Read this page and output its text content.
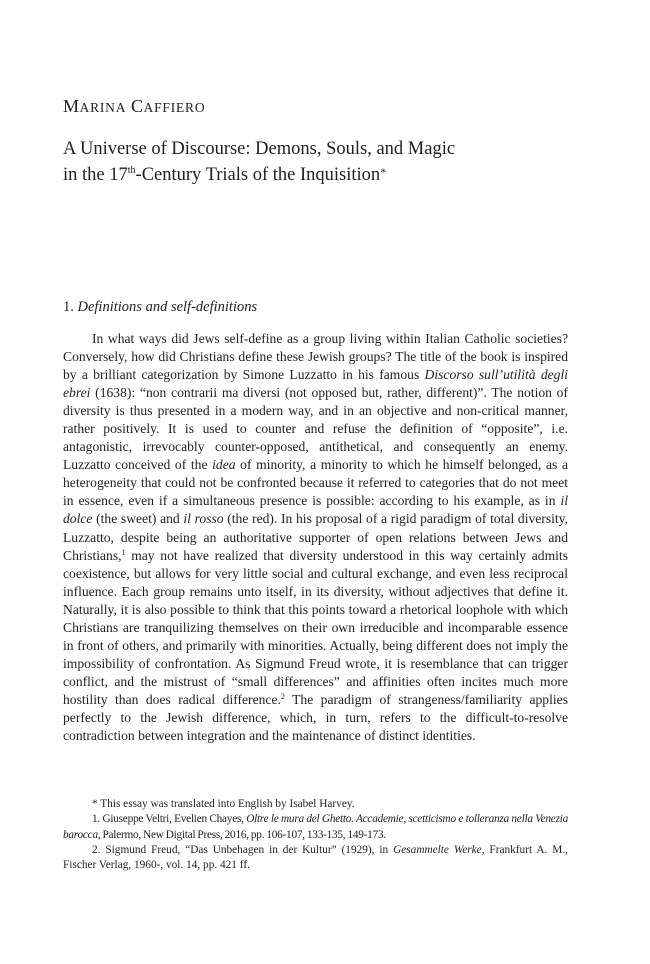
MARINA CAFFIERO
A Universe of Discourse: Demons, Souls, and Magic
in the 17th-Century Trials of the Inquisition*
1. Definitions and self-definitions

In what ways did Jews self-define as a group living within Italian Catholic societies? Conversely, how did Christians define these Jewish groups? The title of the book is inspired by a brilliant categorization by Simone Luzzatto in his famous Discorso sull’utilità degli ebrei (1638): “non contrarii ma diversi (not opposed but, rather, different)”. The notion of diversity is thus presented in a modern way, and in an objective and non-critical manner, rather positively. It is used to counter and refuse the definition of “opposite”, i.e. antagonistic, irrevocably counter-opposed, antithetical, and consequently an enemy. Luzzatto conceived of the idea of minority, a minority to which he himself belonged, as a heterogeneity that could not be confronted because it referred to categories that do not meet in essence, even if a simultaneous presence is possible: according to his example, as in il dolce (the sweet) and il rosso (the red). In his proposal of a rigid paradigm of total diversity, Luzzatto, despite being an authoritative supporter of open relations between Jews and Christians,$^1$ may not have realized that diversity understood in this way certainly admits coexistence, but allows for very little social and cultural exchange, and even less reciprocal influence. Each group remains unto itself, in its diversity, without adjectives that define it. Naturally, it is also possible to think that this points toward a rhetorical loophole with which Christians are tranquilizing themselves on their own irreducible and incomparable essence in front of others, and primarily with minorities. Actually, being different does not imply the impossibility of confrontation. As Sigmund Freud wrote, it is resemblance that can trigger conflict, and the mistrust of “small differences” and affinities often incites much more hostility than does radical difference.$^2$ The paradigm of strangeness/familiarity applies perfectly to the Jewish difference, which, in turn, refers to the difficult-to-resolve contradiction between integration and the maintenance of distinct identities.

* This essay was translated into English by Isabel Harvey.

1. Giuseppe Veltri, Evelien Chayes, Oltre le mura del Ghetto. Accademie, scetticismo e tolleranza nella Venezia barocca, Palermo, New Digital Press, 2016, pp. 106-107, 133-135, 149-173.

2. Sigmund Freud, “Das Unbehagen in der Kultur” (1929), in Gesammelte Werke, Frankfurt A. M., Fischer Verlag, 1960-, vol. 14, pp. 421 ff.
